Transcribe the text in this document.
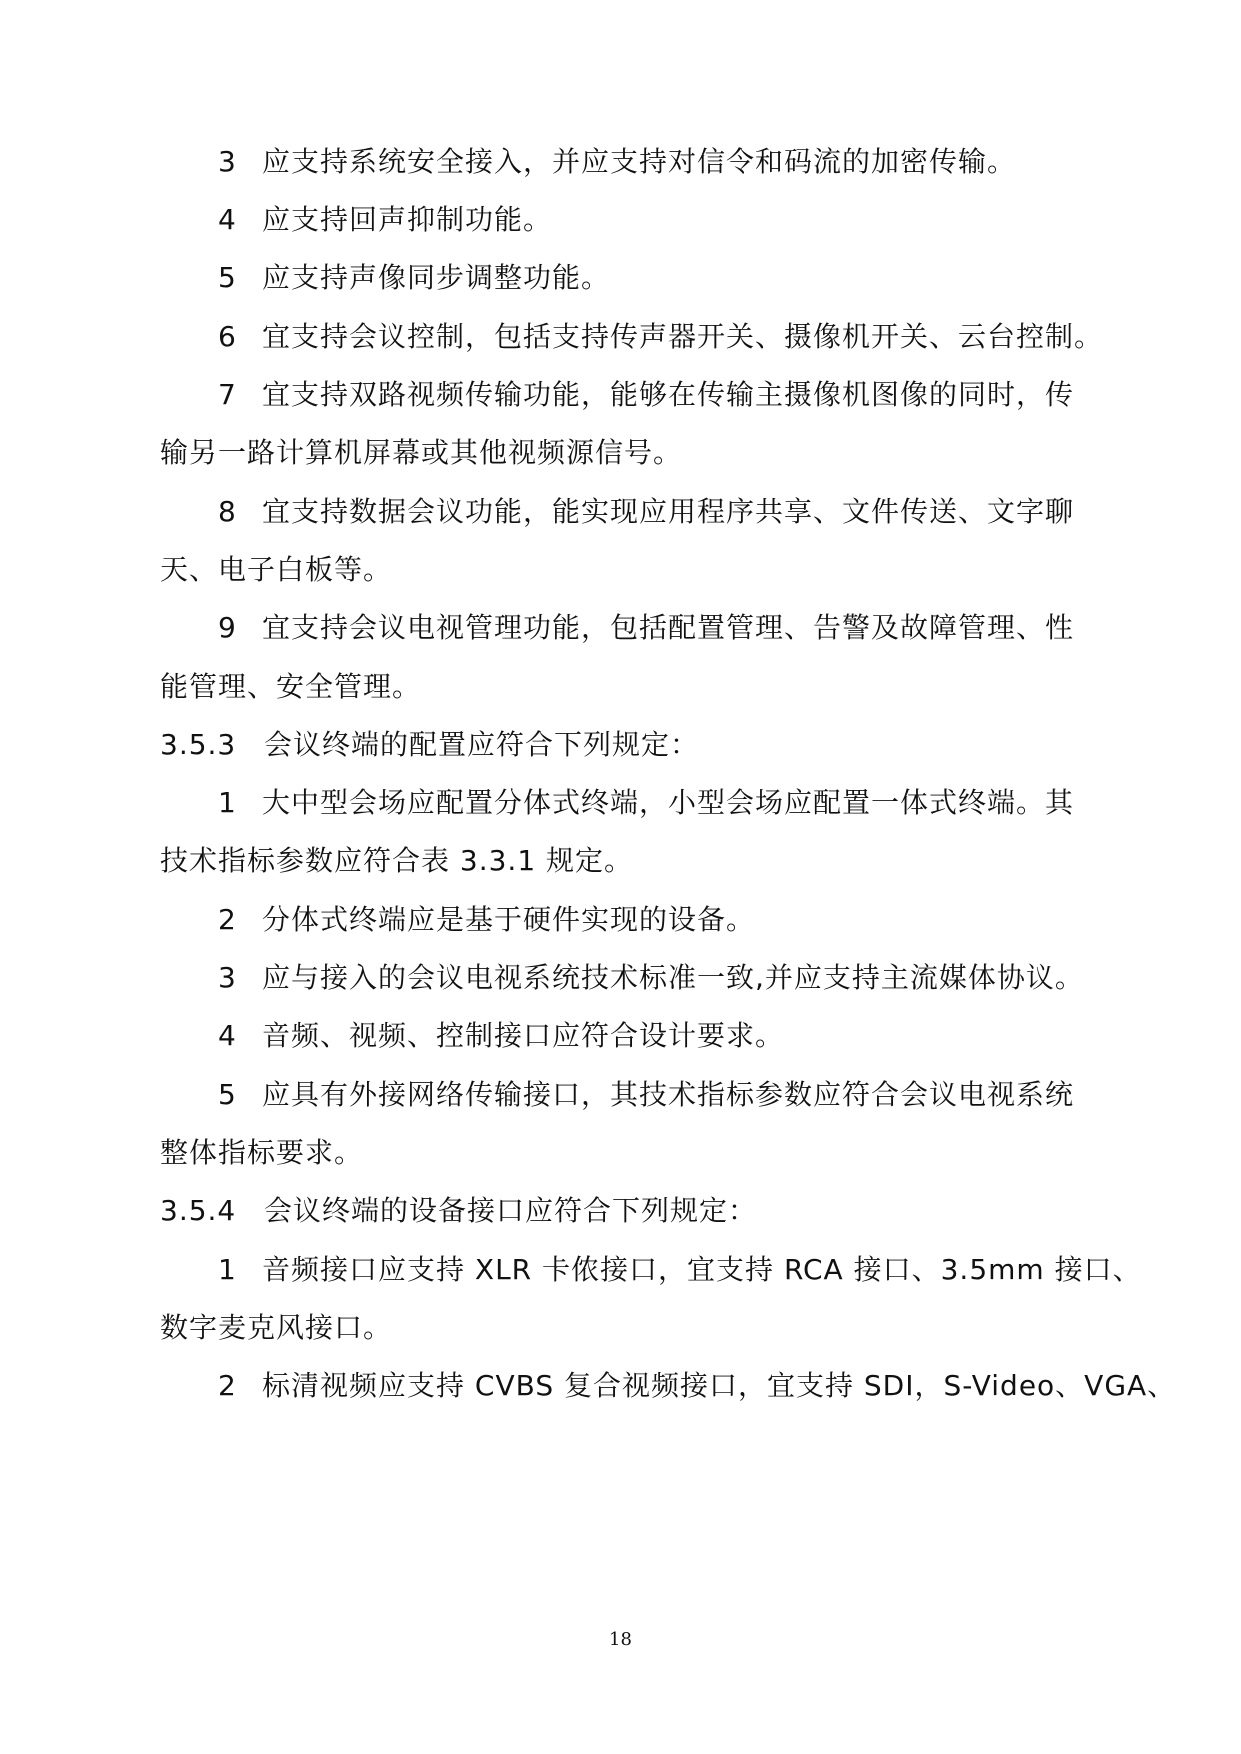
3 应支持系统安全接入，并应支持对信令和码流的加密传输。
4 应支持回声抑制功能。
5 应支持声像同步调整功能。
6 宜支持会议控制，包括支持传声器开关、摄像机开关、云台控制。
7 宜支持双路视频传输功能，能够在传输主摄像机图像的同时，传
输另一路计算机屏幕或其他视频源信号。
8 宜支持数据会议功能，能实现应用程序共享、文件传送、文字聊
天、电子白板等。
9 宜支持会议电视管理功能，包括配置管理、告警及故障管理、性
能管理、安全管理。
3.5.3 会议终端的配置应符合下列规定：
1 大中型会场应配置分体式终端，小型会场应配置一体式终端。其
技术指标参数应符合表 3.3.1 规定。
2 分体式终端应是基于硬件实现的设备。
3 应与接入的会议电视系统技术标准一致,并应支持主流媒体协议。
4 音频、视频、控制接口应符合设计要求。
5 应具有外接网络传输接口，其技术指标参数应符合会议电视系统
整体指标要求。
3.5.4 会议终端的设备接口应符合下列规定：
1 音频接口应支持 XLR 卡侬接口，宜支持 RCA 接口、3.5mm 接口、
数字麦克风接口。
2 标清视频应支持 CVBS 复合视频接口，宜支持 SDI，S-Video、VGA、
18
